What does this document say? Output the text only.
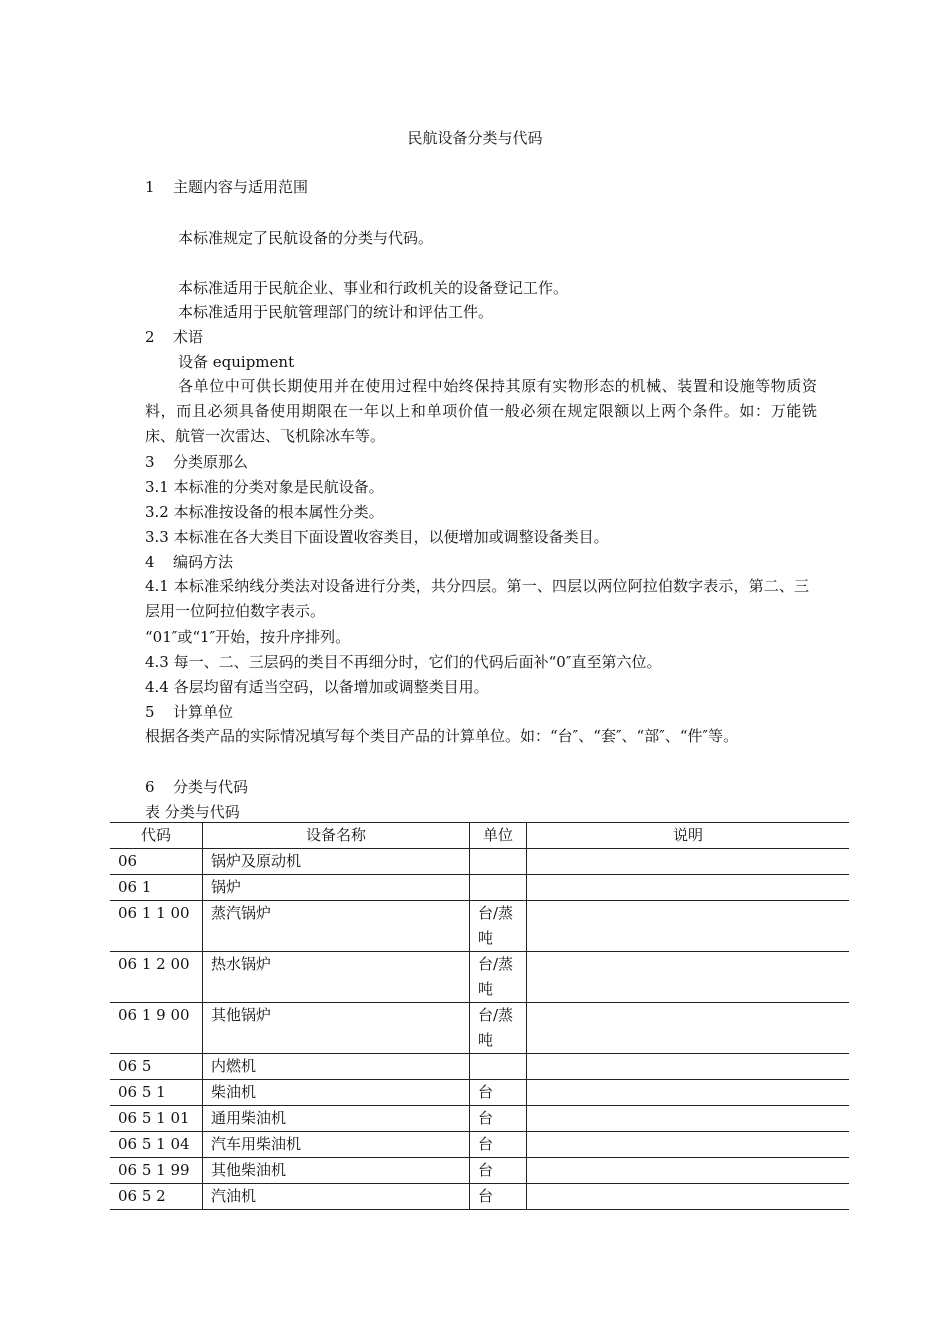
民航设备分类与代码
1 主题内容与适用范围
本标准规定了民航设备的分类与代码。
本标准适用于民航企业、事业和行政机关的设备登记工作。
本标准适用于民航管理部门的统计和评估工件。
2 术语
设备 equipment
各单位中可供长期使用并在使用过程中始终保持其原有实物形态的机械、装置和设施等物质资料，而且必须具备使用期限在一年以上和单项价值一般必须在规定限额以上两个条件。如：万能铣床、航管一次雷达、飞机除冰车等。
3 分类原那么
3.1 本标准的分类对象是民航设备。
3.2 本标准按设备的根本属性分类。
3.3 本标准在各大类目下面设置收容类目，以便增加或调整设备类目。
4 编码方法
4.1 本标准采纳线分类法对设备进行分类，共分四层。第一、四层以两位阿拉伯数字表示，第二、三层用一位阿拉伯数字表示。
“01″或“1″开始，按升序排列。
4.3 每一、二、三层码的类目不再细分时，它们的代码后面补“0″直至第六位。
4.4 各层均留有适当空码，以备增加或调整类目用。
5 计算单位
根据各类产品的实际情况填写每个类目产品的计算单位。如：“台″、“套″、“部″、“件″等。
6 分类与代码
表 分类与代码
代码	设备名称	单位	说明
06	锅炉及原动机		
06 1	锅炉		
06 1 1 00	蒸汽锅炉	台/蒸吨	
06 1 2 00	热水锅炉	台/蒸吨	
06 1 9 00	其他锅炉	台/蒸吨	
06 5	内燃机		
06 5 1	柴油机	台	
06 5 1 01	通用柴油机	台	
06 5 1 04	汽车用柴油机	台	
06 5 1 99	其他柴油机	台	
06 5 2	汽油机	台	
